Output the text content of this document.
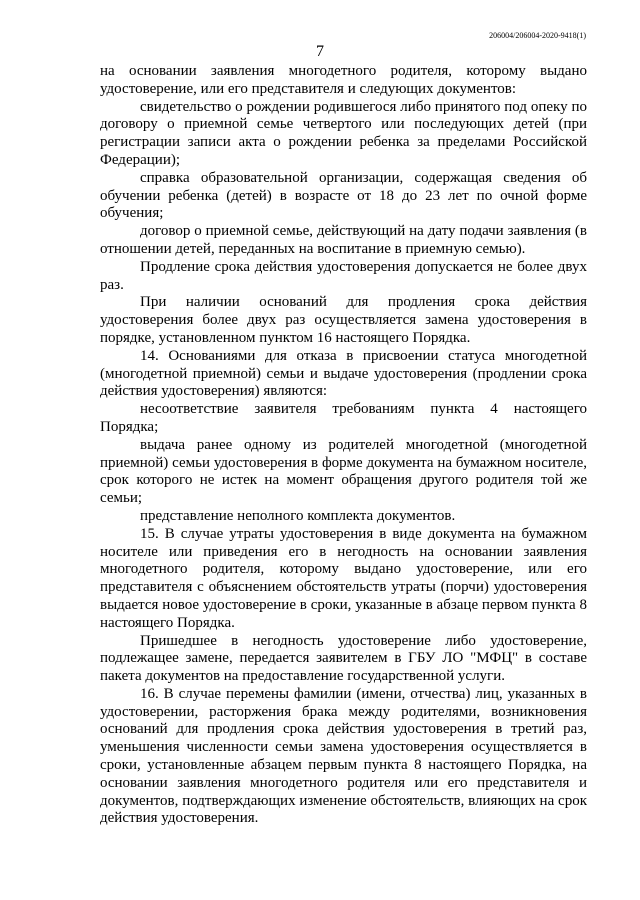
206004/206004-2020-9418(1)
7

на основании заявления многодетного родителя, которому выдано удостоверение, или его представителя и следующих документов:

свидетельство о рождении родившегося либо принятого под опеку по договору о приемной семье четвертого или последующих детей (при регистрации записи акта о рождении ребенка за пределами Российской Федерации);

справка образовательной организации, содержащая сведения об обучении ребенка (детей) в возрасте от 18 до 23 лет по очной форме обучения;

договор о приемной семье, действующий на дату подачи заявления (в отношении детей, переданных на воспитание в приемную семью).

Продление срока действия удостоверения допускается не более двух раз.

При наличии оснований для продления срока действия удостоверения более двух раз осуществляется замена удостоверения в порядке, установленном пунктом 16 настоящего Порядка.

14. Основаниями для отказа в присвоении статуса многодетной (многодетной приемной) семьи и выдаче удостоверения (продлении срока действия удостоверения) являются:

несоответствие заявителя требованиям пункта 4 настоящего Порядка;

выдача ранее одному из родителей многодетной (многодетной приемной) семьи удостоверения в форме документа на бумажном носителе, срок которого не истек на момент обращения другого родителя той же семьи;

представление неполного комплекта документов.

15. В случае утраты удостоверения в виде документа на бумажном носителе или приведения его в негодность на основании заявления многодетного родителя, которому выдано удостоверение, или его представителя с объяснением обстоятельств утраты (порчи) удостоверения выдается новое удостоверение в сроки, указанные в абзаце первом пункта 8 настоящего Порядка.

Пришедшее в негодность удостоверение либо удостоверение, подлежащее замене, передается заявителем в ГБУ ЛО "МФЦ" в составе пакета документов на предоставление государственной услуги.

16. В случае перемены фамилии (имени, отчества) лиц, указанных в удостоверении, расторжения брака между родителями, возникновения оснований для продления срока действия удостоверения в третий раз, уменьшения численности семьи замена удостоверения осуществляется в сроки, установленные абзацем первым пункта 8 настоящего Порядка, на основании заявления многодетного родителя или его представителя и документов, подтверждающих изменение обстоятельств, влияющих на срок действия удостоверения.
